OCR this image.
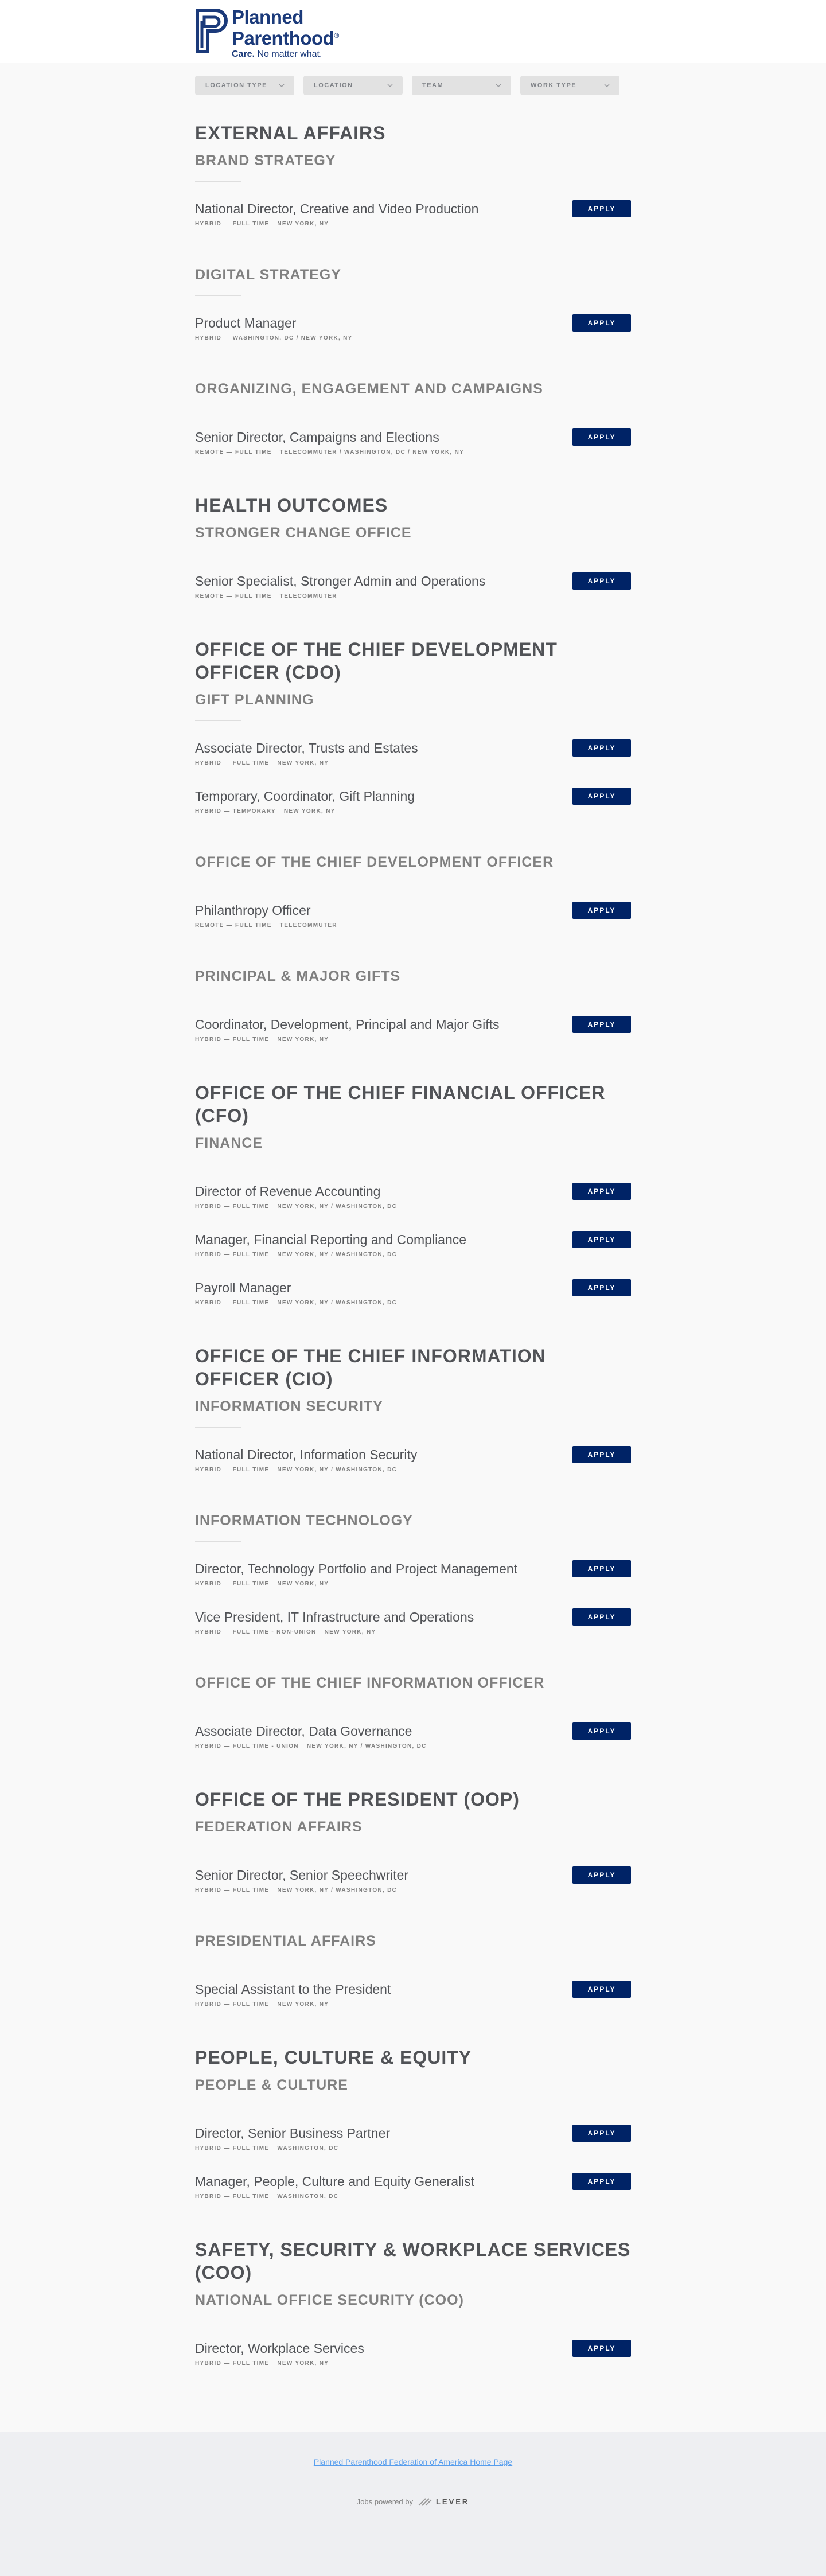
Planned
Parenthood®
Care. No matter what.
LOCATION TYPE	LOCATION	TEAM	WORK TYPE
EXTERNAL AFFAIRS
BRAND STRATEGY
National Director, Creative and Video Production
HYBRID — FULL TIME NEW YORK, NY
APPLY
DIGITAL STRATEGY
Product Manager
HYBRID — WASHINGTON, DC / NEW YORK, NY
APPLY
ORGANIZING, ENGAGEMENT AND CAMPAIGNS
Senior Director, Campaigns and Elections
REMOTE — FULL TIME TELECOMMUTER / WASHINGTON, DC / NEW YORK, NY
APPLY
HEALTH OUTCOMES
STRONGER CHANGE OFFICE
Senior Specialist, Stronger Admin and Operations
REMOTE — FULL TIME TELECOMMUTER
APPLY
OFFICE OF THE CHIEF DEVELOPMENT OFFICER (CDO)
GIFT PLANNING
Associate Director, Trusts and Estates
HYBRID — FULL TIME NEW YORK, NY
APPLY
Temporary, Coordinator, Gift Planning
HYBRID — TEMPORARY NEW YORK, NY
APPLY
OFFICE OF THE CHIEF DEVELOPMENT OFFICER
Philanthropy Officer
REMOTE — FULL TIME TELECOMMUTER
APPLY
PRINCIPAL & MAJOR GIFTS
Coordinator, Development, Principal and Major Gifts
HYBRID — FULL TIME NEW YORK, NY
APPLY
OFFICE OF THE CHIEF FINANCIAL OFFICER (CFO)
FINANCE
Director of Revenue Accounting
HYBRID — FULL TIME NEW YORK, NY / WASHINGTON, DC
APPLY
Manager, Financial Reporting and Compliance
HYBRID — FULL TIME NEW YORK, NY / WASHINGTON, DC
APPLY
Payroll Manager
HYBRID — FULL TIME NEW YORK, NY / WASHINGTON, DC
APPLY
OFFICE OF THE CHIEF INFORMATION OFFICER (CIO)
INFORMATION SECURITY
National Director, Information Security
HYBRID — FULL TIME NEW YORK, NY / WASHINGTON, DC
APPLY
INFORMATION TECHNOLOGY
Director, Technology Portfolio and Project Management
HYBRID — FULL TIME NEW YORK, NY
APPLY
Vice President, IT Infrastructure and Operations
HYBRID — FULL TIME - NON-UNION NEW YORK, NY
APPLY
OFFICE OF THE CHIEF INFORMATION OFFICER
Associate Director, Data Governance
HYBRID — FULL TIME - UNION NEW YORK, NY / WASHINGTON, DC
APPLY
OFFICE OF THE PRESIDENT (OOP)
FEDERATION AFFAIRS
Senior Director, Senior Speechwriter
HYBRID — FULL TIME NEW YORK, NY / WASHINGTON, DC
APPLY
PRESIDENTIAL AFFAIRS
Special Assistant to the President
HYBRID — FULL TIME NEW YORK, NY
APPLY
PEOPLE, CULTURE & EQUITY
PEOPLE & CULTURE
Director, Senior Business Partner
HYBRID — FULL TIME WASHINGTON, DC
APPLY
Manager, People, Culture and Equity Generalist
HYBRID — FULL TIME WASHINGTON, DC
APPLY
SAFETY, SECURITY & WORKPLACE SERVICES (COO)
NATIONAL OFFICE SECURITY (COO)
Director, Workplace Services
HYBRID — FULL TIME NEW YORK, NY
APPLY
Planned Parenthood Federation of America Home Page
Jobs powered by	LEVER
